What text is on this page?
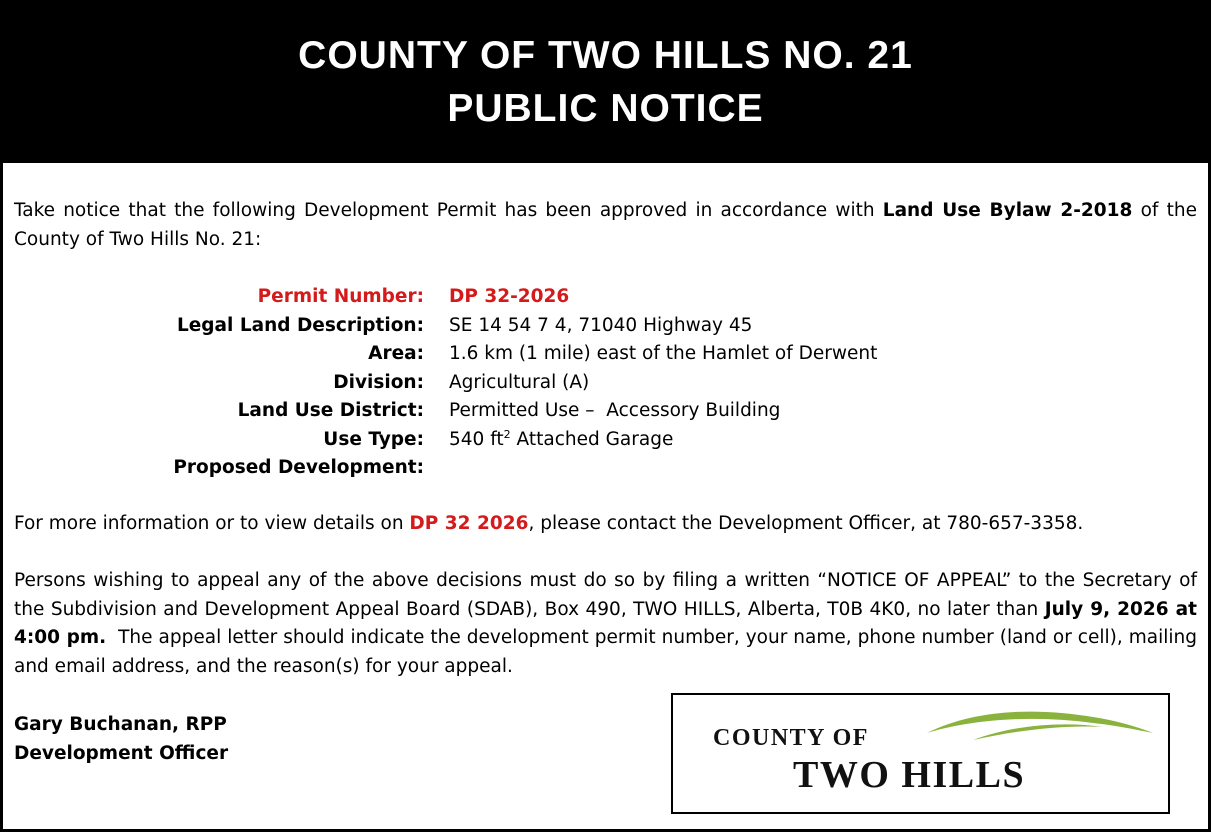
COUNTY OF TWO HILLS NO. 21
PUBLIC NOTICE
Take notice that the following Development Permit has been approved in accordance with Land Use Bylaw 2-2018 of the County of Two Hills No. 21:
Permit Number:	DP 32-2026
Legal Land Description:	SE 14 54 7 4, 71040 Highway 45
Area:	1.6 km (1 mile) east of the Hamlet of Derwent
Division:	Agricultural (A)
Land Use District:	Permitted Use –  Accessory Building
Use Type:	540 $ft^2$ Attached Garage
Proposed Development:
For more information or to view details on DP 32 2026, please contact the Development Officer, at 780-657-3358.
Persons wishing to appeal any of the above decisions must do so by filing a written “NOTICE OF APPEAL” to the Secretary of the Subdivision and Development Appeal Board (SDAB), Box 490, TWO HILLS, Alberta, T0B 4K0, no later than July 9, 2026 at 4:00 pm.  The appeal letter should indicate the development permit number, your name, phone number (land or cell), mailing and email address, and the reason(s) for your appeal.
Gary Buchanan, RPP
Development Officer
COUNTY OF
TWO HILLS
